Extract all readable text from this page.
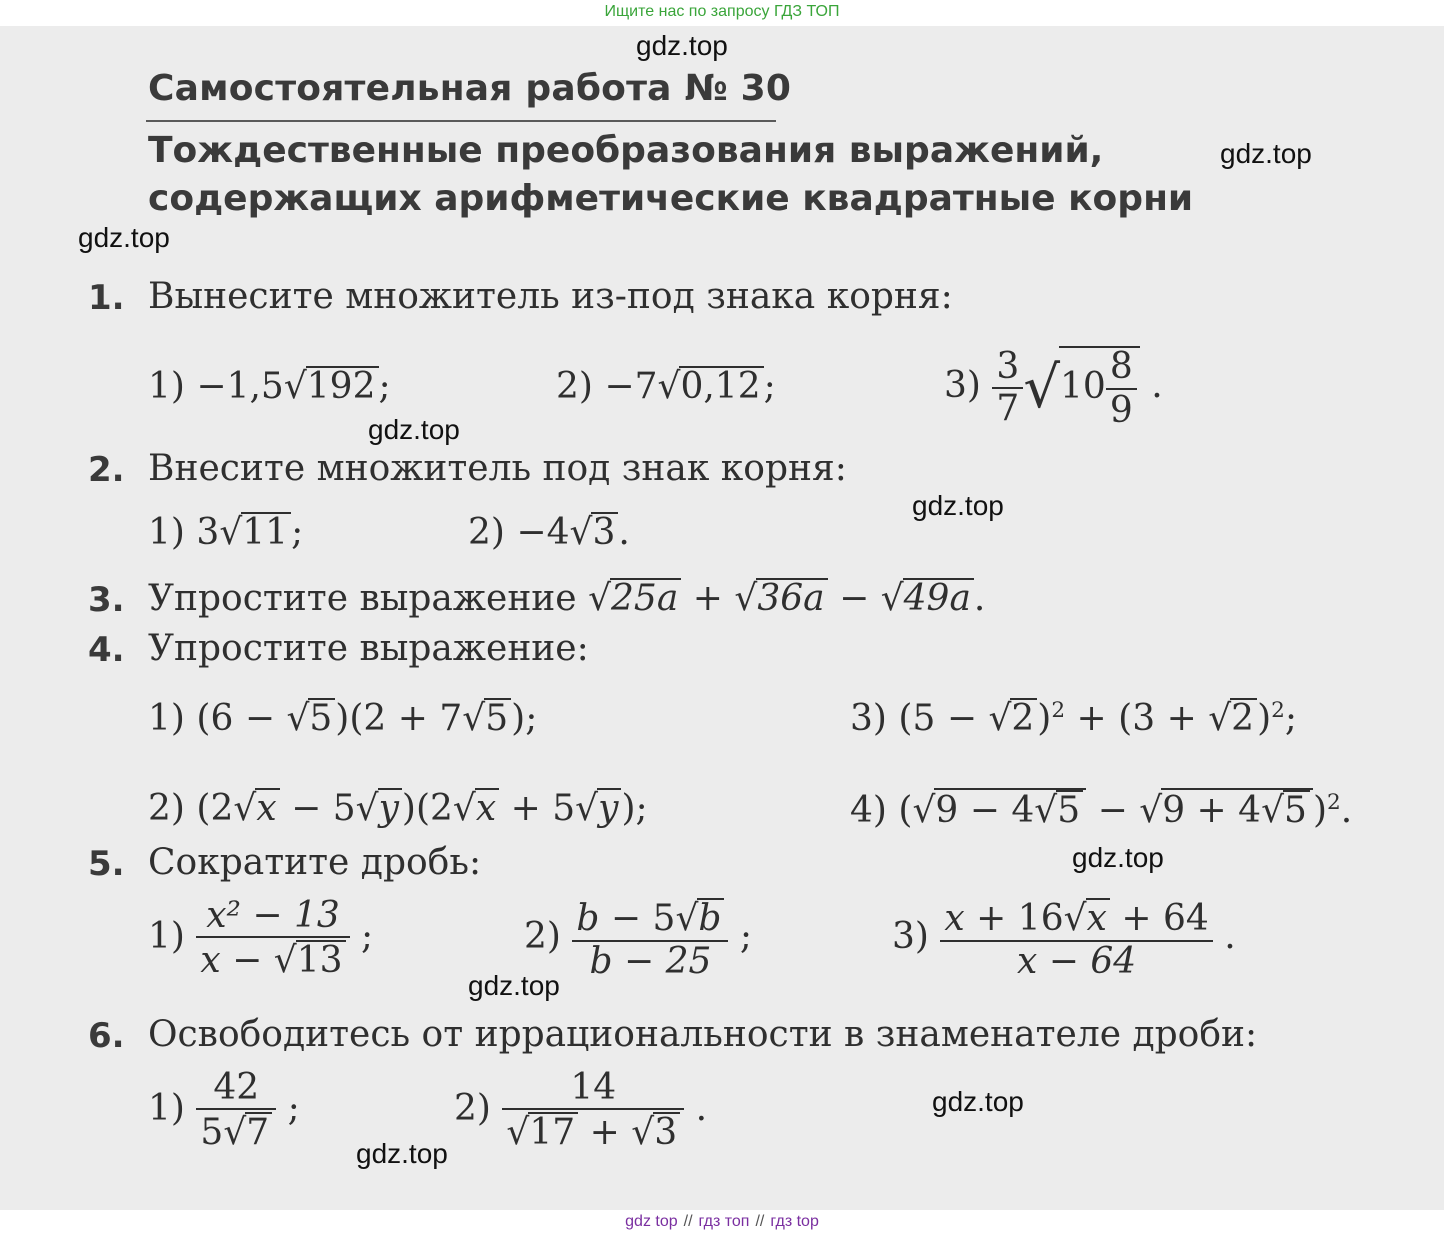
Ищите нас по запросу ГДЗ ТОП
gdz.top
gdz.top
gdz.top
gdz.top
gdz.top
gdz.top
gdz.top
gdz.top
gdz.top
Самостоятельная работа № 30
Тождественные преобразования выражений,
содержащих арифметические квадратные корни
1. Вынесите множитель из-под знака корня:
1) −1,5√192;	2) −7√0,12;	$3) \frac{3}{7} √10 \frac{8}{9}$ .
2. Внесите множитель под знак корня:
1) 3√11;	2) −4√3.
3. Упростите выражение √25a + √36a − √49a.
4. Упростите выражение:
1) (6 − √5)(2 + 7√5);	3) $(5 - √2)^2 + (3 + √2)^2$;
2) (2√x − 5√y)(2√x + 5√y);	4) (√9 − 4√5 − √9 + 4√5 )$^2$.
5. Сократите дробь:
$1) \frac{\text{x² − 13}}{x - √13}$ ;	$2) \frac{b - 5√b}{b - 25}$ ;	$3) \frac{x + 16√x + 64}{x - 64}$ .
6. Освободитесь от иррациональности в знаменателе дроби:
$1) \frac{42}{5√7}$ ;	$2) \frac{14}{√17 + √3}$ .
gdz top // гдз топ // гдз top
